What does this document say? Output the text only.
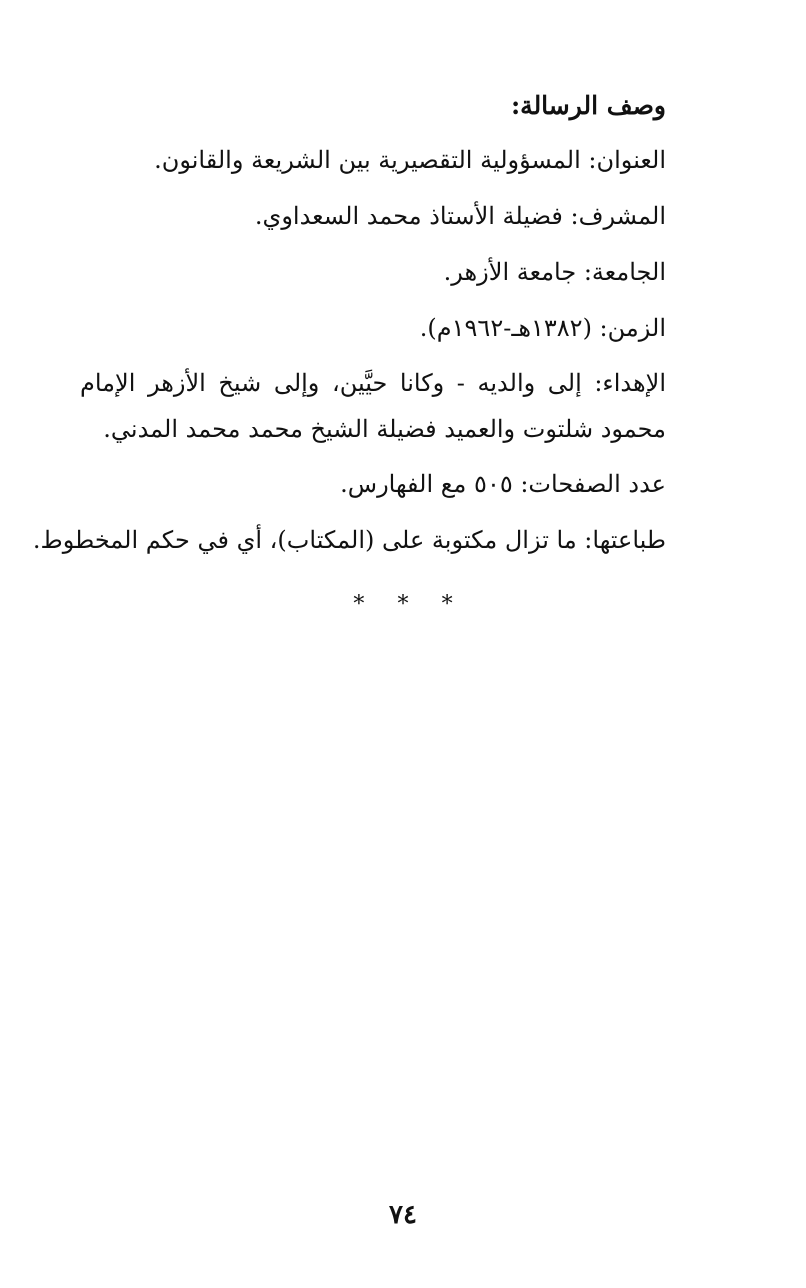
وصف الرسالة:
العنوان: المسؤولية التقصيرية بين الشريعة والقانون.
المشرف: فضيلة الأستاذ محمد السعداوي.
الجامعة: جامعة الأزهر.
الزمن: (١٣٨٢هـ-١٩٦٢م).
الإهداء: إلى والديه - وكانا حيَّين، وإلى شيخ الأزهر الإمام محمود شلتوت والعميد فضيلة الشيخ محمد محمد المدني.
عدد الصفحات: ٥٠٥ مع الفهارس.
طباعتها: ما تزال مكتوبة على (المكتاب)، أي في حكم المخطوط.
* * *
٧٤
